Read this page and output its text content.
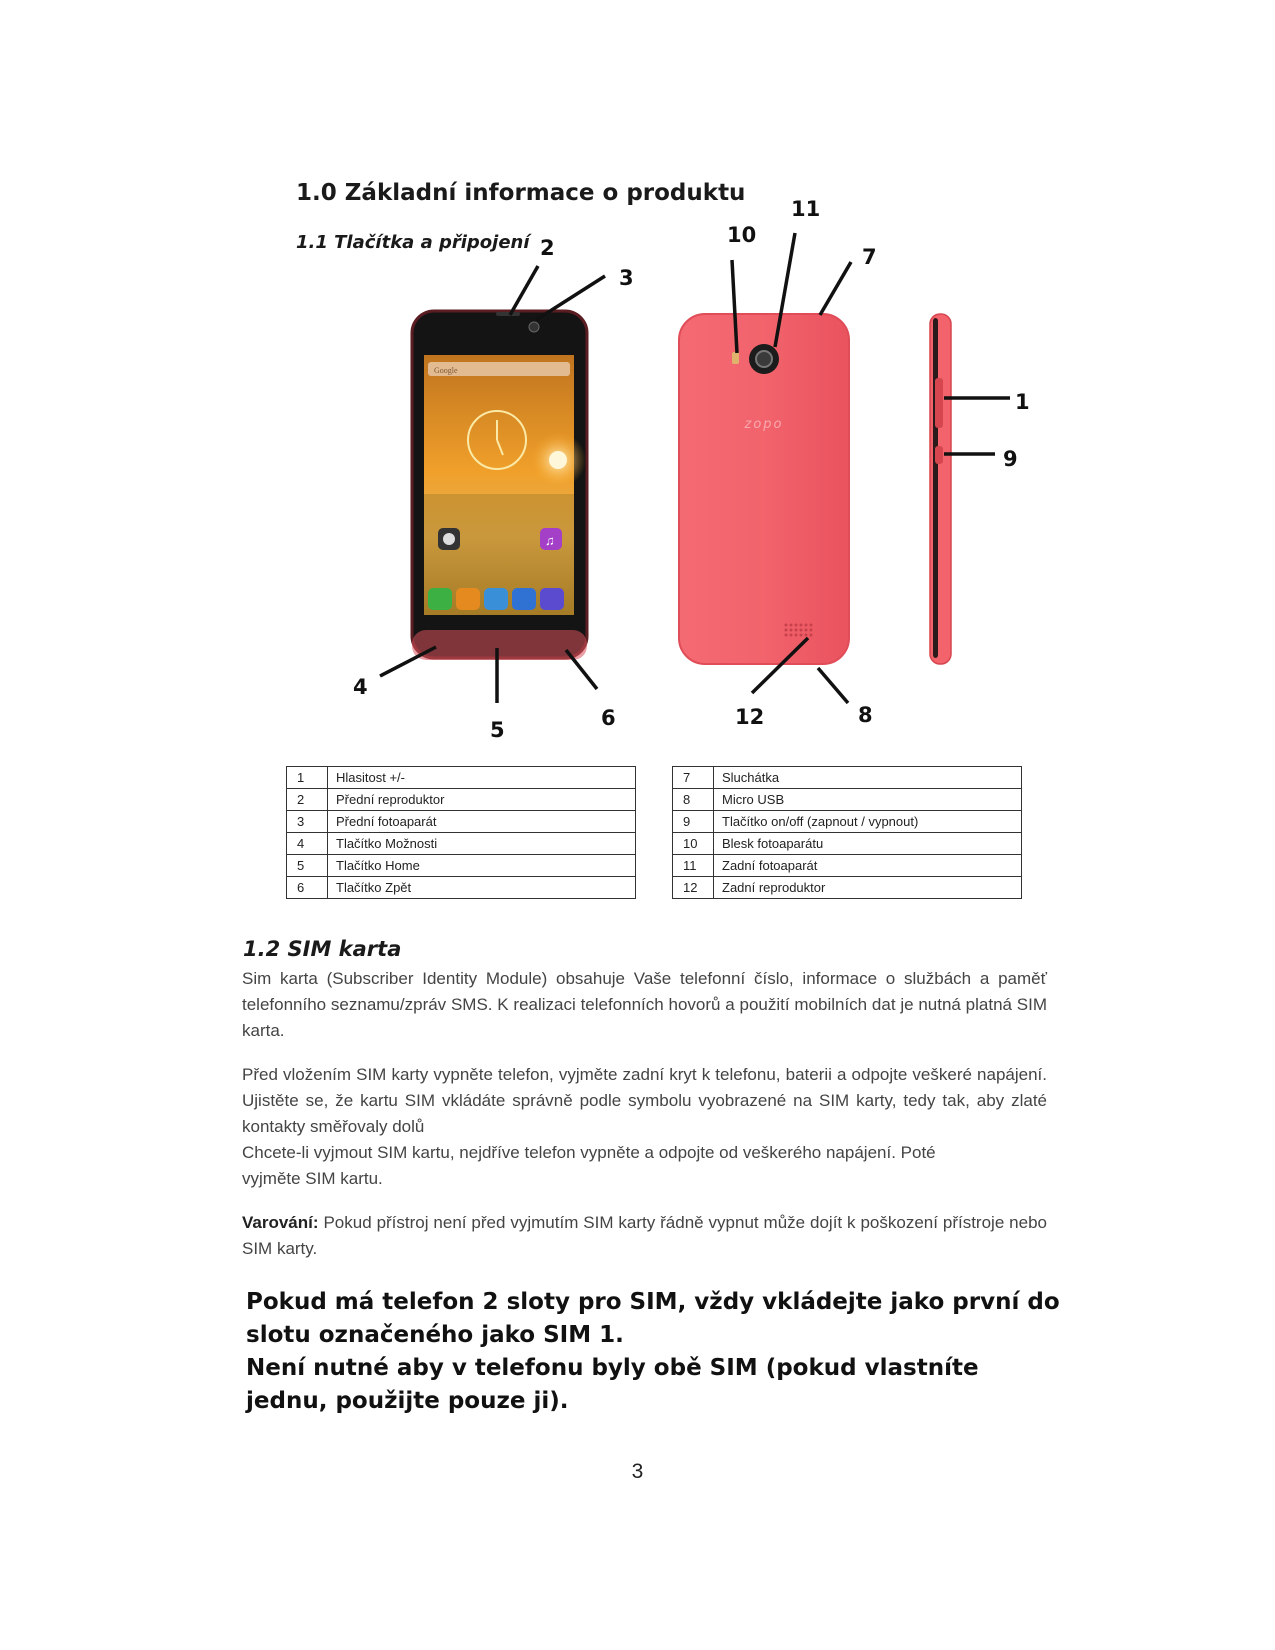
1.0 Základní informace o produktu
1.1 Tlačítka a připojení
Google
♫
zopo
1
2
3
4
5	6
7
8
9
10
11
12
1	Hlasitost +/-
2	Přední reproduktor
3	Přední fotoaparát
4	Tlačítko Možnosti
5	Tlačítko Home
6	Tlačítko Zpět
7	Sluchátka
8	Micro USB
9	Tlačítko on/off (zapnout / vypnout)
10	Blesk fotoaparátu
11	Zadní fotoaparát
12	Zadní reproduktor
1.2 SIM karta
Sim karta (Subscriber Identity Module) obsahuje Vaše telefonní číslo, informace o službách a paměť telefonního seznamu/zpráv SMS. K realizaci telefonních hovorů a použití mobilních dat je nutná platná SIM karta.
Před vložením SIM karty vypněte telefon, vyjměte zadní kryt k telefonu, baterii a odpojte veškeré napájení. Ujistěte se, že kartu SIM vkládáte správně podle symbolu vyobrazené na SIM karty, tedy tak, aby zlaté kontakty směřovaly dolů
Chcete-li vyjmout SIM kartu, nejdříve telefon vypněte a odpojte od veškerého napájení. Poté vyjměte SIM kartu.
Varování: Pokud přístroj není před vyjmutím SIM karty řádně vypnut může dojít k poškození přístroje nebo SIM karty.
Pokud má telefon 2 sloty pro SIM, vždy vkládejte jako první do slotu označeného jako SIM 1.
Není nutné aby v telefonu byly obě SIM (pokud vlastníte jednu, použijte pouze ji).
3
